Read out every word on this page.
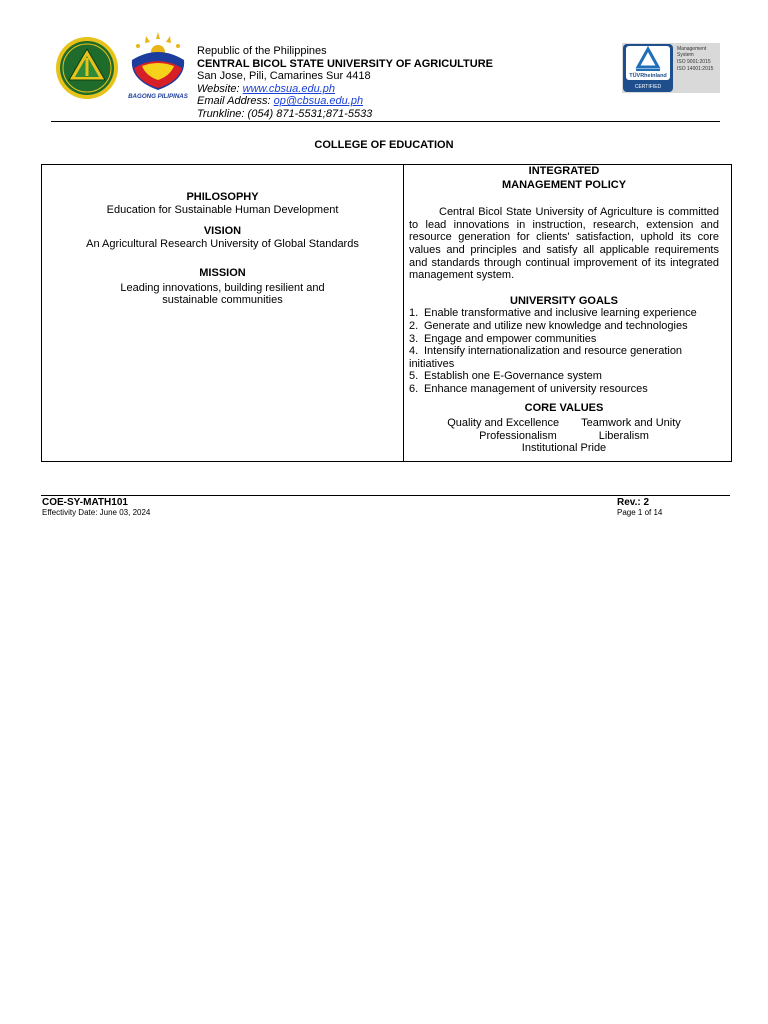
BAGONG PILIPINAS
Republic of the Philippines
CENTRAL BICOL STATE UNIVERSITY OF AGRICULTURE
San Jose, Pili, Camarines Sur 4418
Website: www.cbsua.edu.ph
Email Address: op@cbsua.edu.ph
Trunkline: (054) 871-5531;871-5533
TÜVRheinland
CERTIFIED
Management
System
ISO 9001:2015
ISO 14001:2015
COLLEGE OF EDUCATION
PHILOSOPHY
Education for Sustainable Human Development
VISION
An Agricultural Research University of Global Standards
MISSION
Leading innovations, building resilient and sustainable communities
INTEGRATED
MANAGEMENT POLICY
Central Bicol State University of Agriculture is committed to lead innovations in instruction, research, extension and resource generation for clients' satisfaction, uphold its core values and principles and satisfy all applicable requirements and standards through continual improvement of its integrated management system.
UNIVERSITY GOALS
1. Enable transformative and inclusive learning experience
2. Generate and utilize new knowledge and technologies
3. Engage and empower communities
4. Intensify internationalization and resource generation initiatives
5. Establish one E-Governance system
6. Enhance management of university resources
CORE VALUES
Quality and Excellence Teamwork and Unity
Professionalism	Liberalism
Institutional Pride
COE-SY-MATH101
Effectivity Date: June 03, 2024
Rev.: 2
Page 1 of 14
